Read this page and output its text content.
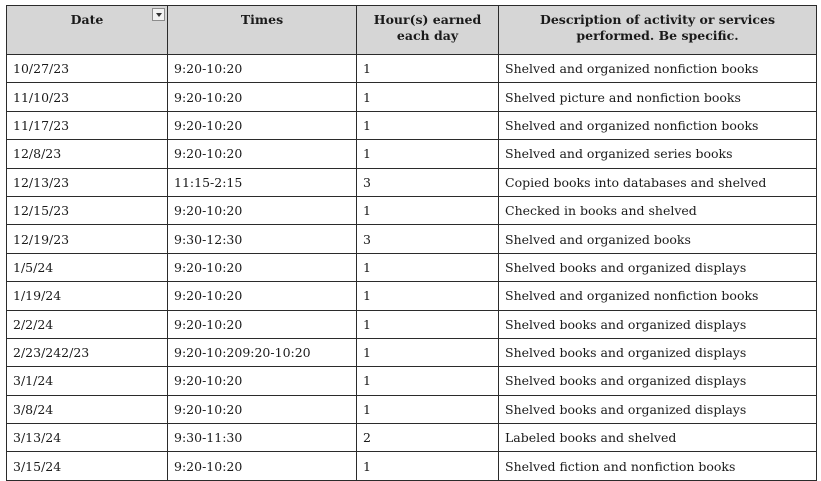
Date	Times	Hour(s) earned each day	Description of activity or services performed. Be specific.
10/27/23	9:20-10:20	1	Shelved and organized nonfiction books
11/10/23	9:20-10:20	1	Shelved picture and nonfiction books
11/17/23	9:20-10:20	1	Shelved and organized nonfiction books
12/8/23	9:20-10:20	1	Shelved and organized series books
12/13/23	11:15-2:15	3	Copied books into databases and shelved
12/15/23	9:20-10:20	1	Checked in books and shelved
12/19/23	9:30-12:30	3	Shelved and organized books
1/5/24	9:20-10:20	1	Shelved books and organized displays
1/19/24	9:20-10:20	1	Shelved and organized nonfiction books
2/2/24	9:20-10:20	1	Shelved books and organized displays
2/23/242/23	9:20-10:209:20-10:20	1	Shelved books and organized displays
3/1/24	9:20-10:20	1	Shelved books and organized displays
3/8/24	9:20-10:20	1	Shelved books and organized displays
3/13/24	9:30-11:30	2	Labeled books and shelved
3/15/24	9:20-10:20	1	Shelved fiction and nonfiction books
